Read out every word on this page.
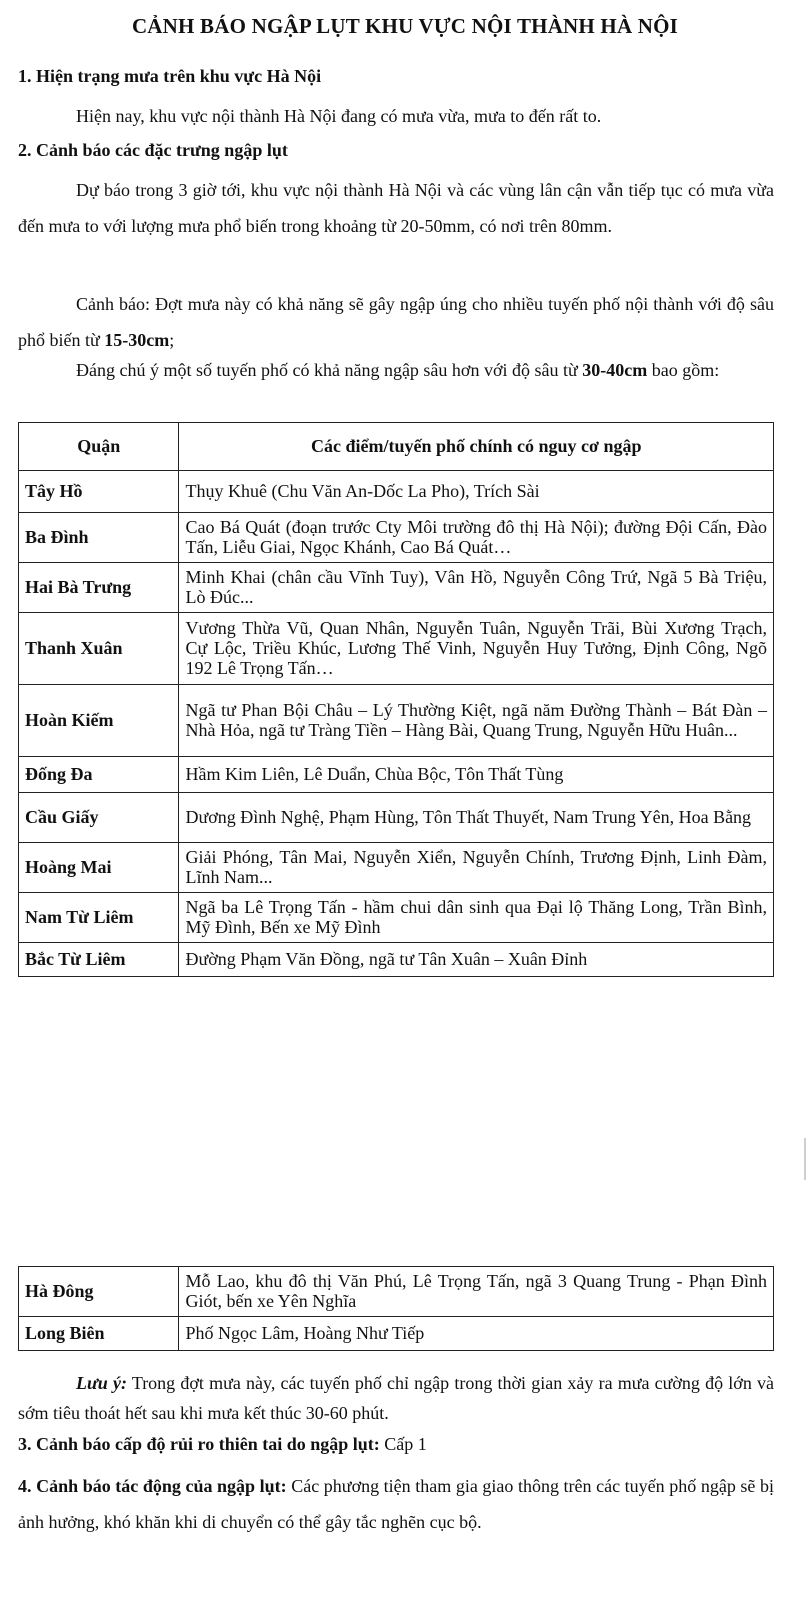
CẢNH BÁO NGẬP LỤT KHU VỰC NỘI THÀNH HÀ NỘI
1. Hiện trạng mưa trên khu vực Hà Nội
Hiện nay, khu vực nội thành Hà Nội đang có mưa vừa, mưa to đến rất to.
2. Cảnh báo các đặc trưng ngập lụt
Dự báo trong 3 giờ tới, khu vực nội thành Hà Nội và các vùng lân cận vẫn tiếp tục có mưa vừa đến mưa to với lượng mưa phổ biến trong khoảng từ 20-50mm, có nơi trên 80mm.
Cảnh báo: Đợt mưa này có khả năng sẽ gây ngập úng cho nhiều tuyến phố nội thành với độ sâu phổ biến từ 15-30cm;
Đáng chú ý một số tuyến phố có khả năng ngập sâu hơn với độ sâu từ 30-40cm bao gồm:
Quận	Các điểm/tuyến phố chính có nguy cơ ngập
Tây Hồ	Thụy Khuê (Chu Văn An-Dốc La Pho), Trích Sài
Ba Đình	Cao Bá Quát (đoạn trước Cty Môi trường đô thị Hà Nội); đường Đội Cấn, Đào Tấn, Liễu Giai, Ngọc Khánh, Cao Bá Quát…
Hai Bà Trưng	Minh Khai (chân cầu Vĩnh Tuy), Vân Hồ, Nguyễn Công Trứ, Ngã 5 Bà Triệu, Lò Đúc...
Thanh Xuân	Vương Thừa Vũ, Quan Nhân, Nguyễn Tuân, Nguyễn Trãi, Bùi Xương Trạch, Cự Lộc, Triều Khúc, Lương Thế Vinh, Nguyễn Huy Tưởng, Định Công, Ngõ 192 Lê Trọng Tấn…
Hoàn Kiếm	Ngã tư Phan Bội Châu – Lý Thường Kiệt, ngã năm Đường Thành – Bát Đàn – Nhà Hỏa, ngã tư Tràng Tiền – Hàng Bài, Quang Trung, Nguyễn Hữu Huân...
Đống Đa	Hầm Kim Liên, Lê Duẩn, Chùa Bộc, Tôn Thất Tùng
Cầu Giấy	Dương Đình Nghệ, Phạm Hùng, Tôn Thất Thuyết, Nam Trung Yên, Hoa Bằng
Hoàng Mai	Giải Phóng, Tân Mai, Nguyễn Xiển, Nguyễn Chính, Trương Định, Linh Đàm, Lĩnh Nam...
Nam Từ Liêm	Ngã ba Lê Trọng Tấn - hầm chui dân sinh qua Đại lộ Thăng Long, Trần Bình, Mỹ Đình, Bến xe Mỹ Đình
Bắc Từ Liêm	Đường Phạm Văn Đồng, ngã tư Tân Xuân – Xuân Đỉnh
Hà Đông	Mỗ Lao, khu đô thị Văn Phú, Lê Trọng Tấn, ngã 3 Quang Trung - Phạn Đình Giót, bến xe Yên Nghĩa
Long Biên	Phố Ngọc Lâm, Hoàng Như Tiếp
Lưu ý: Trong đợt mưa này, các tuyến phố chỉ ngập trong thời gian xảy ra mưa cường độ lớn và sớm tiêu thoát hết sau khi mưa kết thúc 30-60 phút.
3. Cảnh báo cấp độ rủi ro thiên tai do ngập lụt: Cấp 1
4. Cảnh báo tác động của ngập lụt: Các phương tiện tham gia giao thông trên các tuyến phố ngập sẽ bị ảnh hưởng, khó khăn khi di chuyển có thể gây tắc nghẽn cục bộ.
